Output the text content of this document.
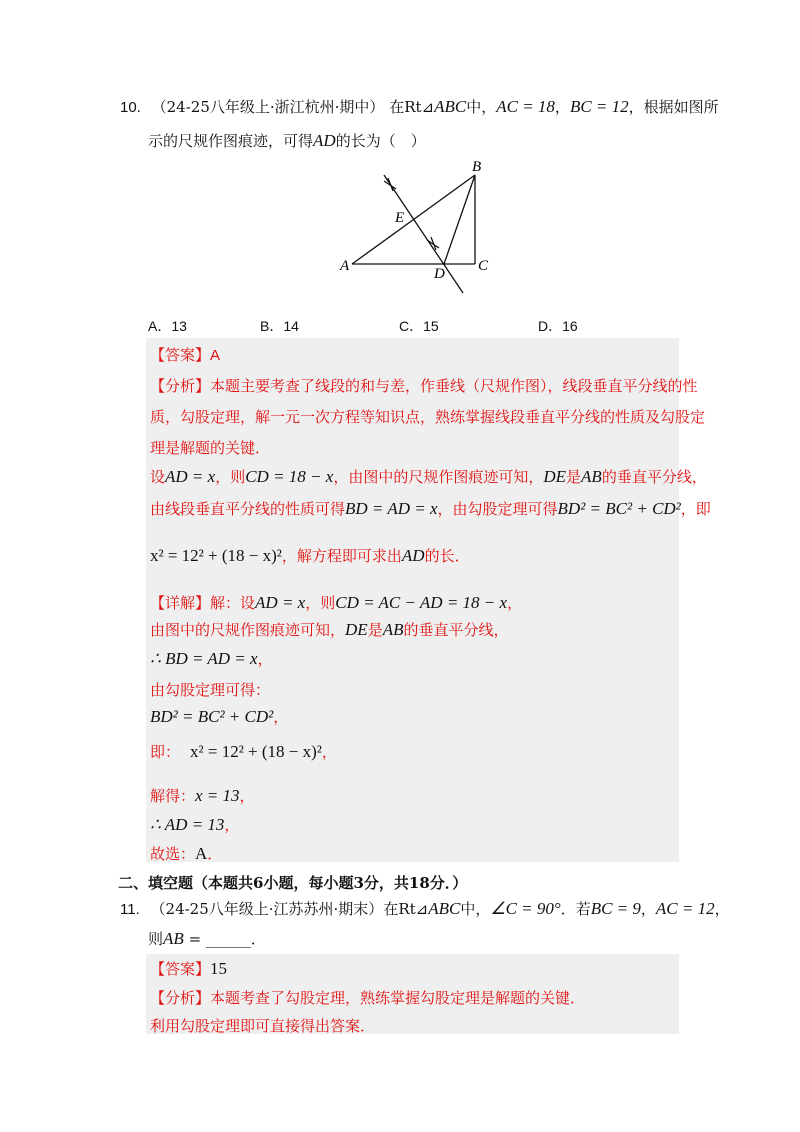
10. （24-25八年级上·浙江杭州·期中） 在Rt⊿ABC中，AC = 18，BC = 12，根据如图所
示的尺规作图痕迹，可得AD的长为（　）
A
B
C
D
E
A．13	B．14	C．15	D．16
【答案】A
【分析】本题主要考查了线段的和与差，作垂线（尺规作图），线段垂直平分线的性
质，勾股定理，解一元一次方程等知识点，熟练掌握线段垂直平分线的性质及勾股定
理是解题的关键．
设AD = x，则CD = 18 − x，由图中的尺规作图痕迹可知，DE是AB的垂直平分线，
由线段垂直平分线的性质可得BD = AD = x，由勾股定理可得BD² = BC² + CD²，即
x² = 12² + (18 − x)²，解方程即可求出AD的长．
【详解】解：设AD = x，则CD = AC − AD = 18 − x，
由图中的尺规作图痕迹可知，DE是AB的垂直平分线，
∴ BD = AD = x，
由勾股定理可得：
BD² = BC² + CD²，
即： x² = 12² + (18 − x)²，
解得：x = 13，
∴ AD = 13，
故选：A．
二、填空题（本题共6小题，每小题3分，共18分．）
11. （24-25八年级上·江苏苏州·期末）在Rt⊿ABC中，∠C = 90°．若BC = 9，AC = 12，
则AB = ______．
【答案】15
【分析】本题考查了勾股定理，熟练掌握勾股定理是解题的关键．
利用勾股定理即可直接得出答案．
